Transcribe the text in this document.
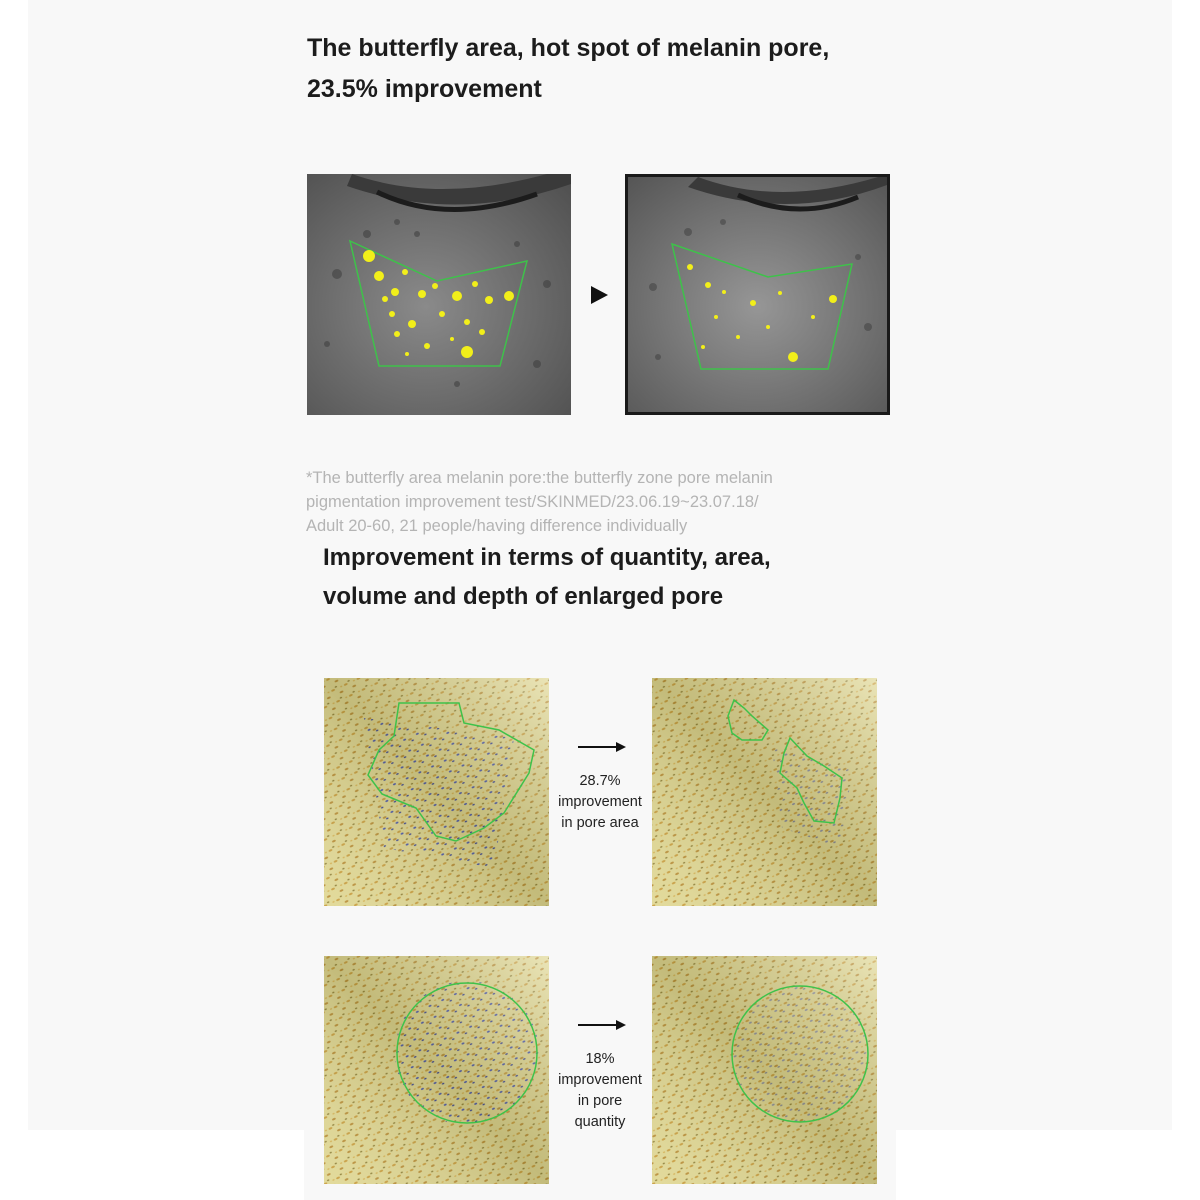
The butterfly area, hot spot of melanin pore,
23.5% improvement

*The butterfly area melanin pore:the butterfly zone pore melanin
pigmentation improvement test/SKINMED/23.06.19~23.07.18/
Adult 20-60, 21 people/having difference individually

Improvement in terms of quantity, area,
volume and depth of enlarged pore
28.7%
improvement
in pore area
18%
improvement
in pore
quantity
